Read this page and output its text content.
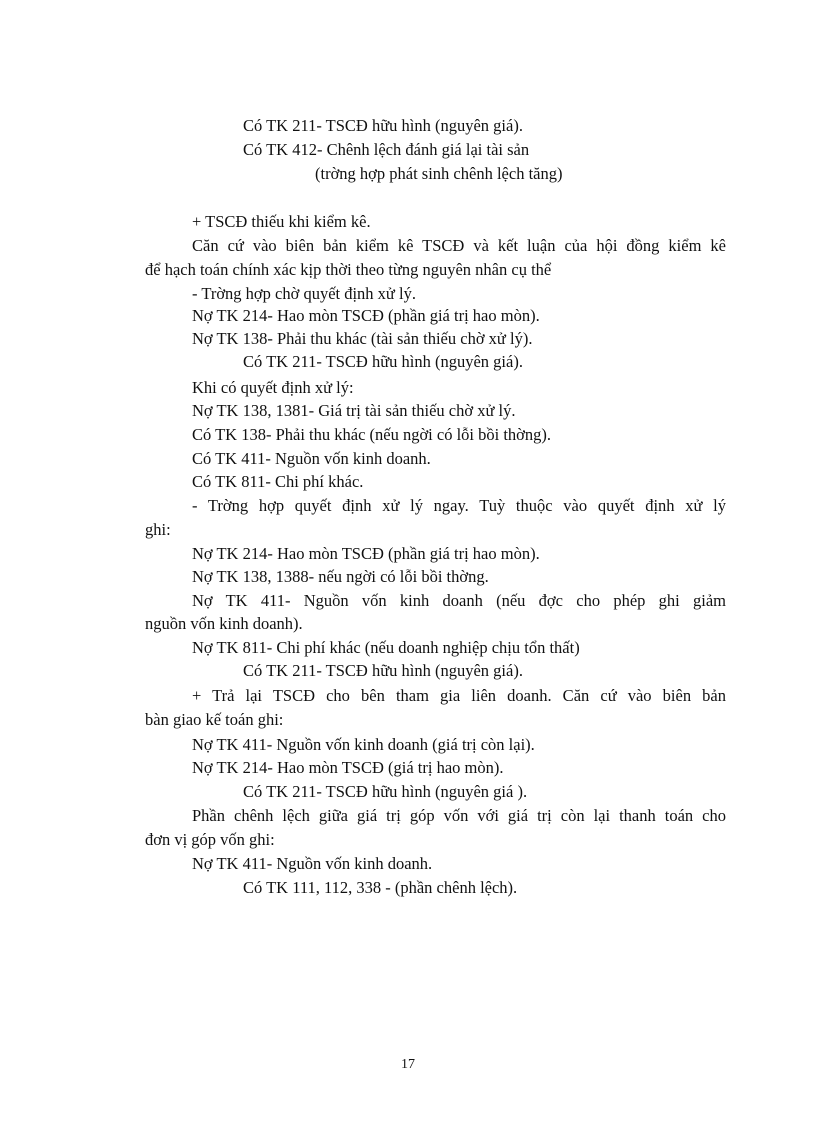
Có TK 211- TSCĐ hữu hình (nguyên giá).
Có TK 412- Chênh lệch đánh giá lại tài sản
(trờng hợp phát sinh chênh lệch tăng)
+ TSCĐ thiếu khi kiểm kê.
Căn cứ vào biên bản kiểm kê TSCĐ và kết luận của hội đồng kiểm kê
để hạch toán chính xác kịp thời theo từng nguyên nhân cụ thể
- Trờng hợp chờ quyết định xử lý.
Nợ TK 214- Hao mòn TSCĐ (phần giá trị hao mòn).
Nợ TK 138- Phải thu khác (tài sản thiếu chờ xử lý).
Có TK 211- TSCĐ hữu hình (nguyên giá).
Khi có quyết định xử lý:
Nợ TK 138, 1381- Giá trị tài sản thiếu chờ xử lý.
Có TK 138- Phải thu khác (nếu ngời có lỗi bồi thờng).
Có TK 411- Nguồn vốn kinh doanh.
Có TK 811- Chi phí khác.
- Trờng hợp quyết định xử lý ngay. Tuỳ thuộc vào quyết định xử lý
ghi:
Nợ TK 214- Hao mòn TSCĐ (phần giá trị hao mòn).
Nợ TK 138, 1388- nếu ngời có lỗi bồi thờng.
Nợ TK 411- Nguồn vốn kinh doanh (nếu đợc cho phép ghi giảm
nguồn vốn kinh doanh).
Nợ TK 811- Chi phí khác (nếu doanh nghiệp chịu tổn thất)
Có TK 211- TSCĐ hữu hình (nguyên giá).
+ Trả lại TSCĐ cho bên tham gia liên doanh. Căn cứ vào biên bản
bàn giao kế toán ghi:
Nợ TK 411- Nguồn vốn kinh doanh (giá trị còn lại).
Nợ TK 214- Hao mòn TSCĐ (giá trị hao mòn).
Có TK 211- TSCĐ hữu hình (nguyên giá ).
Phần chênh lệch giữa giá trị góp vốn với giá trị còn lại thanh toán cho
đơn vị góp vốn ghi:
Nợ TK 411- Nguồn vốn kinh doanh.
Có TK 111, 112, 338 - (phần chênh lệch).
17
